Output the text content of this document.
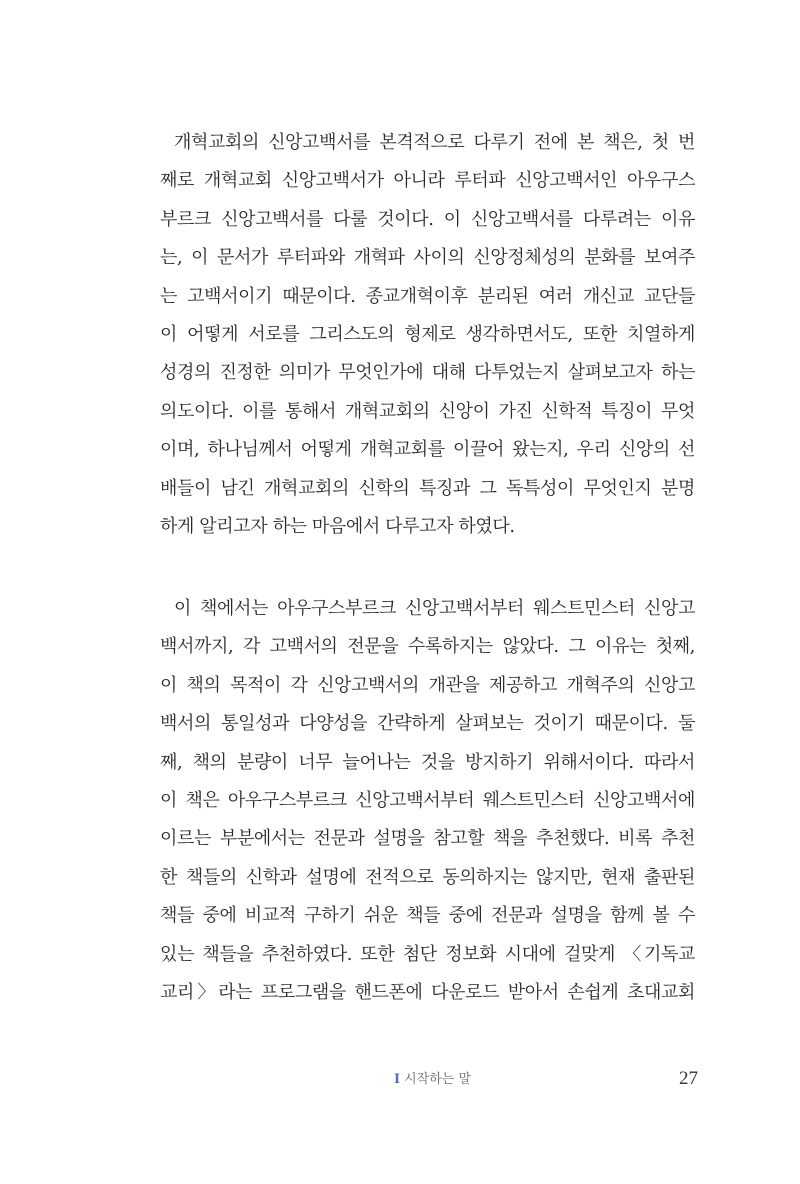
개혁교회의 신앙고백서를 본격적으로 다루기 전에 본 책은, 첫 번
째로 개혁교회 신앙고백서가 아니라 루터파 신앙고백서인 아우구스
부르크 신앙고백서를 다룰 것이다. 이 신앙고백서를 다루려는 이유
는, 이 문서가 루터파와 개혁파 사이의 신앙정체성의 분화를 보여주
는 고백서이기 때문이다. 종교개혁이후 분리된 여러 개신교 교단들
이 어떻게 서로를 그리스도의 형제로 생각하면서도, 또한 치열하게
성경의 진정한 의미가 무엇인가에 대해 다투었는지 살펴보고자 하는
의도이다. 이를 통해서 개혁교회의 신앙이 가진 신학적 특징이 무엇
이며, 하나님께서 어떻게 개혁교회를 이끌어 왔는지, 우리 신앙의 선
배들이 남긴 개혁교회의 신학의 특징과 그 독특성이 무엇인지 분명
하게 알리고자 하는 마음에서 다루고자 하였다.
이 책에서는 아우구스부르크 신앙고백서부터 웨스트민스터 신앙고
백서까지, 각 고백서의 전문을 수록하지는 않았다. 그 이유는 첫째,
이 책의 목적이 각 신앙고백서의 개관을 제공하고 개혁주의 신앙고
백서의 통일성과 다양성을 간략하게 살펴보는 것이기 때문이다. 둘
째, 책의 분량이 너무 늘어나는 것을 방지하기 위해서이다. 따라서
이 책은 아우구스부르크 신앙고백서부터 웨스트민스터 신앙고백서에
이르는 부분에서는 전문과 설명을 참고할 책을 추천했다. 비록 추천
한 책들의 신학과 설명에 전적으로 동의하지는 않지만, 현재 출판된
책들 중에 비교적 구하기 쉬운 책들 중에 전문과 설명을 함께 볼 수
있는 책들을 추천하였다. 또한 첨단 정보화 시대에 걸맞게 〈기독교
교리〉라는 프로그램을 핸드폰에 다운로드 받아서 손쉽게 초대교회
I 시작하는 말	27
